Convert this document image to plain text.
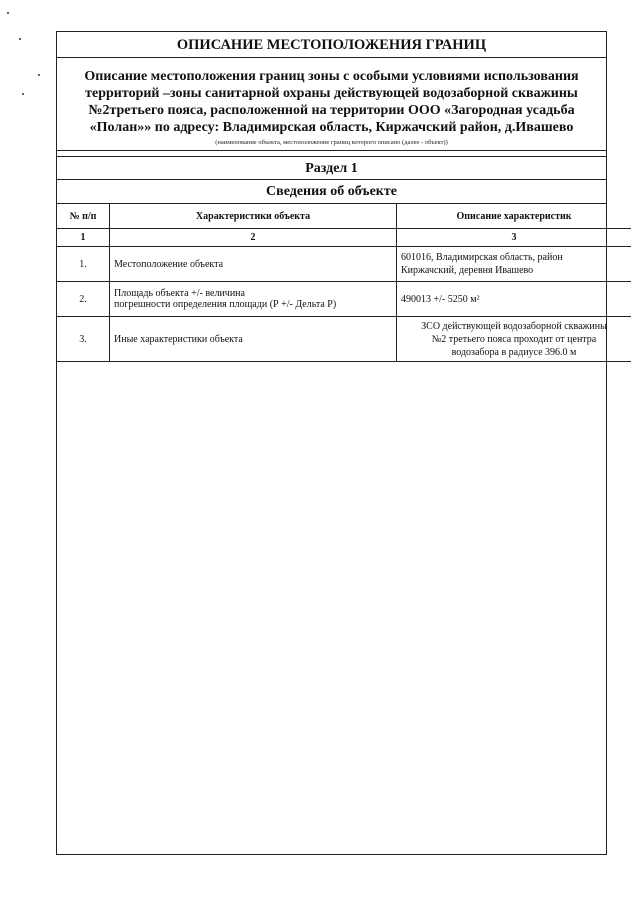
ОПИСАНИЕ МЕСТОПОЛОЖЕНИЯ ГРАНИЦ
Описание местоположения границ зоны с особыми условиями использования
территорий –зоны санитарной охраны действующей водозаборной скважины
№2третьего пояса, расположенной на территории ООО «Загородная усадьба
«Полан»» по адресу: Владимирская область, Киржачский район, д.Ивашево
(наименование объекта, местоположение границ которого описано (далее - объект))
Раздел 1
Сведения об объекте
№ п/п	Характеристики объекта	Описание характеристик
1	2	3
1.	Местоположение объекта	601016, Владимирская область, район
Киржачский, деревня Ивашево

2.	Площадь объекта +/- величина
погрешности определения площади (Р +/- Дельта Р)	490013 +/- 5250 м²

3.	Иные характеристики объекта	ЗСО действующей водозаборной скважины
№2 третьего пояса проходит от центра
водозабора в радиусе 396.0 м
